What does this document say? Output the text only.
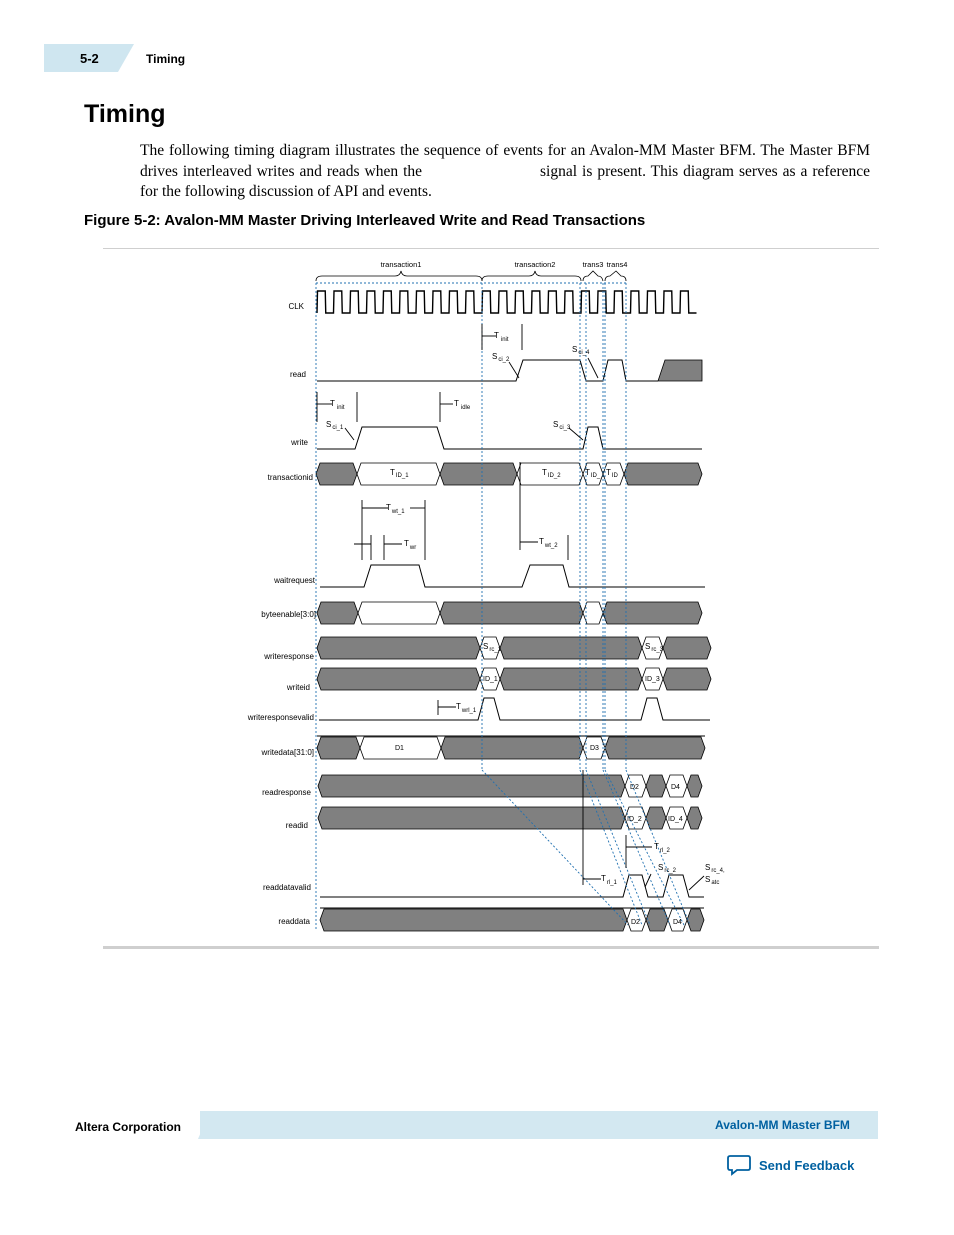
5-2	Timing
Timing

The following timing diagram illustrates the sequence of events for an Avalon-MM Master BFM. The Master BFM drives interleaved writes and reads when the	signal is present. This diagram serves as a reference for the following discussion of API and events.

Figure 5-2: Avalon-MM Master Driving Interleaved Write and Read Transactions
CLK
read
write
transactionid
waitrequest
byteenable[3:0]
writeresponse
writeid
writeresponsevalid
writedata[31:0]
readresponse
readid
readdatavalid
readdata
transaction1	transaction2	trans3 trans4
T $_{init}$	T $_{idle}$
T $_{init}$
$S_{ci\_1}$
$S_{ci\_2}$
$S_{ci\_3}$
$S_{ci\_4}$
$T_{ID\_1}$	$T_{ID\_2}$	$T_{ID\_}$ $T_{ID}$
$T_{wt\_1}$
$T_{wr}$
$T_{wt\_2}$
$T_{wrl\_1}$
$S_{rc\_1}$	$S_{rc\_3}$
ID_1	ID_3
D1	D3
D2	D4
ID_2	ID_4
D2	D4
$T_{rl\_1}$
$T_{rl\_2}$
$S_{rc\_2}$	$S_{rc\_4,}$
$S_{atc}$
Altera Corporation	Avalon-MM Master BFM
Send Feedback
